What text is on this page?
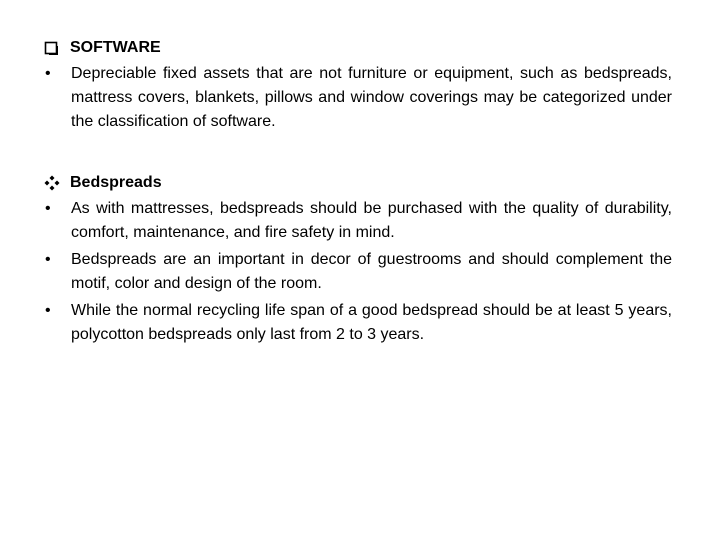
SOFTWARE
•	Depreciable fixed assets that are not furniture or equipment, such as bedspreads, mattress covers, blankets, pillows and window coverings may be categorized under the classification of software.
Bedspreads
•	As with mattresses, bedspreads should be purchased with the quality of durability, comfort, maintenance, and fire safety in mind.
•	Bedspreads are an important in decor of guestrooms and should complement the motif, color and design of the room.
•	While the normal recycling life span of a good bedspread should be at least 5 years, polycotton bedspreads only last from 2 to 3 years.
